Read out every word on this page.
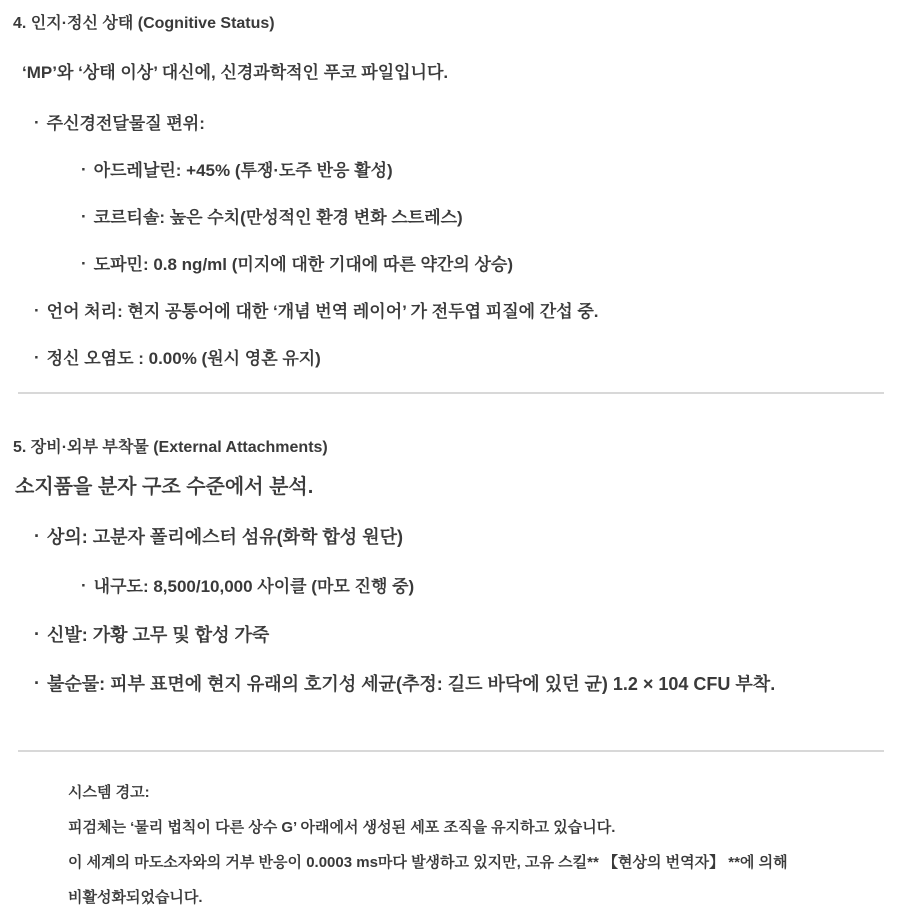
4. 인지·정신 상태 (Cognitive Status)

‘MP’와 ‘상태 이상’ 대신에, 신경과학적인 푸코 파일입니다.

· 주신경전달물질 편위:
· 아드레날린: +45% (투쟁·도주 반응 활성)
· 코르티솔: 높은 수치(만성적인 환경 변화 스트레스)
· 도파민: 0.8 ng/ml (미지에 대한 기대에 따른 약간의 상승)
· 언어 처리: 현지 공통어에 대한 ‘개념 번역 레이어’ 가 전두엽 피질에 간섭 중.
· 정신 오염도 : 0.00% (원시 영혼 유지)
5. 장비·외부 부착물 (External Attachments)

소지품을 분자 구조 수준에서 분석.

· 상의: 고분자 폴리에스터 섬유(화학 합성 원단)
· 내구도: 8,500/10,000 사이클 (마모 진행 중)
· 신발: 가황 고무 및 합성 가죽
· 불순물: 피부 표면에 현지 유래의 호기성 세균(추정: 길드 바닥에 있던 균) 1.2 × 104 CFU 부착.

시스템 경고:

피검체는 ‘물리 법칙이 다른 상수 G’ 아래에서 생성된 세포 조직을 유지하고 있습니다.

이 세계의 마도소자와의 거부 반응이 0.0003 ms마다 발생하고 있지만, 고유 스킬** 【현상의 번역자】 **에 의해

비활성화되었습니다.
